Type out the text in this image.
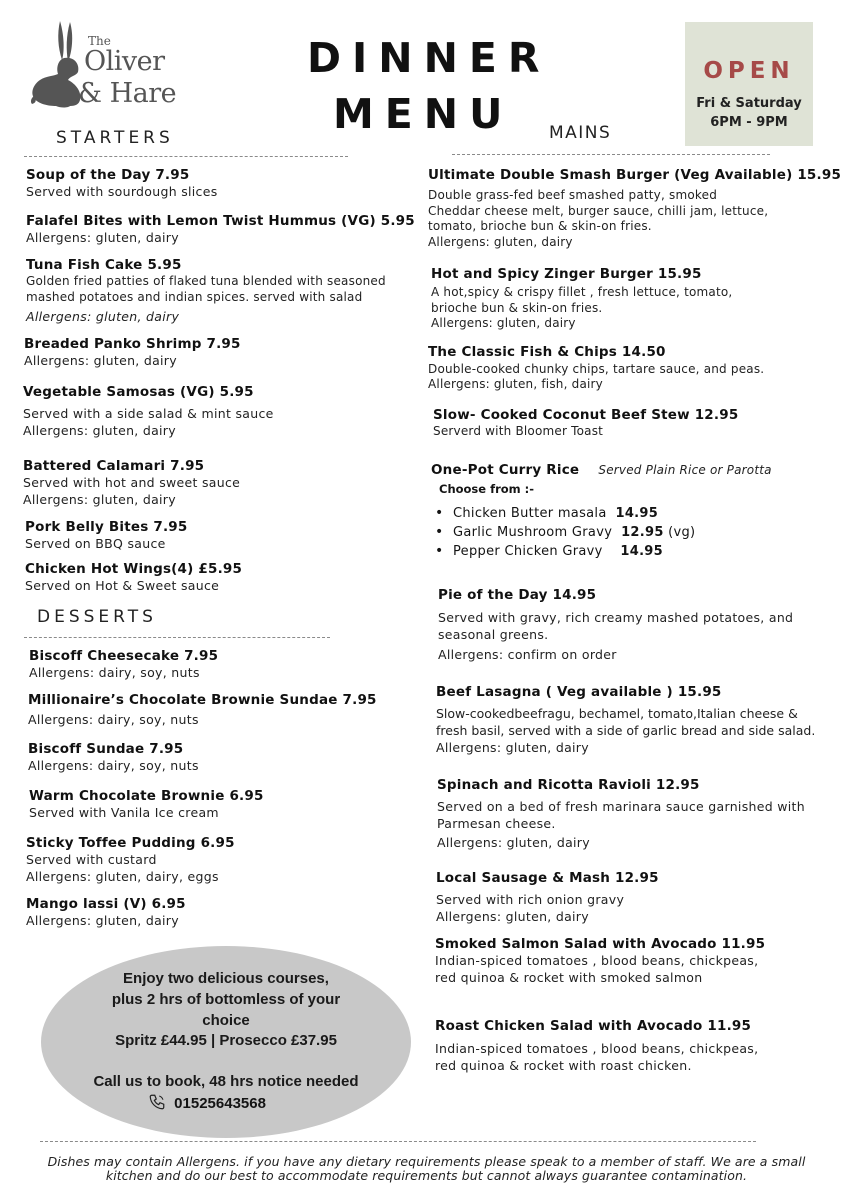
The
Oliver
& Hare
DINNER
MENU
OPEN
Fri & Saturday
6PM - 9PM
STARTERS	MAINS
Soup of the Day 7.95
Served with sourdough slices
Falafel Bites with Lemon Twist Hummus (VG) 5.95
Allergens: gluten, dairy
Tuna Fish Cake 5.95
Golden fried patties of flaked tuna blended with seasoned
mashed potatoes and indian spices. served with salad
Allergens: gluten, dairy
Breaded Panko Shrimp 7.95
Allergens: gluten, dairy
Vegetable Samosas (VG) 5.95
Served with a side salad & mint sauce
Allergens: gluten, dairy
Battered Calamari 7.95
Served with hot and sweet sauce
Allergens: gluten, dairy
Pork Belly Bites 7.95
Served on BBQ sauce
Chicken Hot Wings(4) £5.95
Served on Hot & Sweet sauce
DESSERTS
Biscoff Cheesecake 7.95
Allergens: dairy, soy, nuts
Millionaire’s Chocolate Brownie Sundae 7.95
Allergens: dairy, soy, nuts
Biscoff Sundae 7.95
Allergens: dairy, soy, nuts
Warm Chocolate Brownie 6.95
Served with Vanila Ice cream
Sticky Toffee Pudding 6.95
Served with custard
Allergens: gluten, dairy, eggs
Mango lassi (V) 6.95
Allergens: gluten, dairy
Enjoy two delicious courses,
plus 2 hrs of bottomless of your
choice
Spritz £44.95 | Prosecco £37.95
Call us to book, 48 hrs notice needed
01525643568
Ultimate Double Smash Burger (Veg Available) 15.95
Double grass-fed beef smashed patty, smoked
Cheddar cheese melt, burger sauce, chilli jam, lettuce,
tomato, brioche bun & skin-on fries.
Allergens: gluten, dairy
Hot and Spicy Zinger Burger 15.95
A hot,spicy & crispy fillet , fresh lettuce, tomato,
brioche bun & skin-on fries.
Allergens: gluten, dairy
The Classic Fish & Chips 14.50
Double-cooked chunky chips, tartare sauce, and peas.
Allergens: gluten, fish, dairy
Slow- Cooked Coconut Beef Stew 12.95
Serverd with Bloomer Toast
One-Pot Curry Rice Served Plain Rice or Parotta
Choose from :-
• Chicken Butter masala 14.95
• Garlic Mushroom Gravy 12.95 (vg)
• Pepper Chicken Gravy 14.95
Pie of the Day 14.95
Served with gravy, rich creamy mashed potatoes, and
seasonal greens.
Allergens: confirm on order
Beef Lasagna ( Veg available ) 15.95
Slow-cookedbeefragu, bechamel, tomato,Italian cheese &
fresh basil, served with a side of garlic bread and side salad.
Allergens: gluten, dairy
Spinach and Ricotta Ravioli 12.95
Served on a bed of fresh marinara sauce garnished with
Parmesan cheese.
Allergens: gluten, dairy
Local Sausage & Mash 12.95
Served with rich onion gravy
Allergens: gluten, dairy
Smoked Salmon Salad with Avocado 11.95
Indian-spiced tomatoes , blood beans, chickpeas,
red quinoa & rocket with smoked salmon
Roast Chicken Salad with Avocado 11.95
Indian-spiced tomatoes , blood beans, chickpeas,
red quinoa & rocket with roast chicken.
Dishes may contain Allergens. if you have any dietary requirements please speak to a member of staff. We are a small
kitchen and do our best to accommodate requirements but cannot always guarantee contamination.
